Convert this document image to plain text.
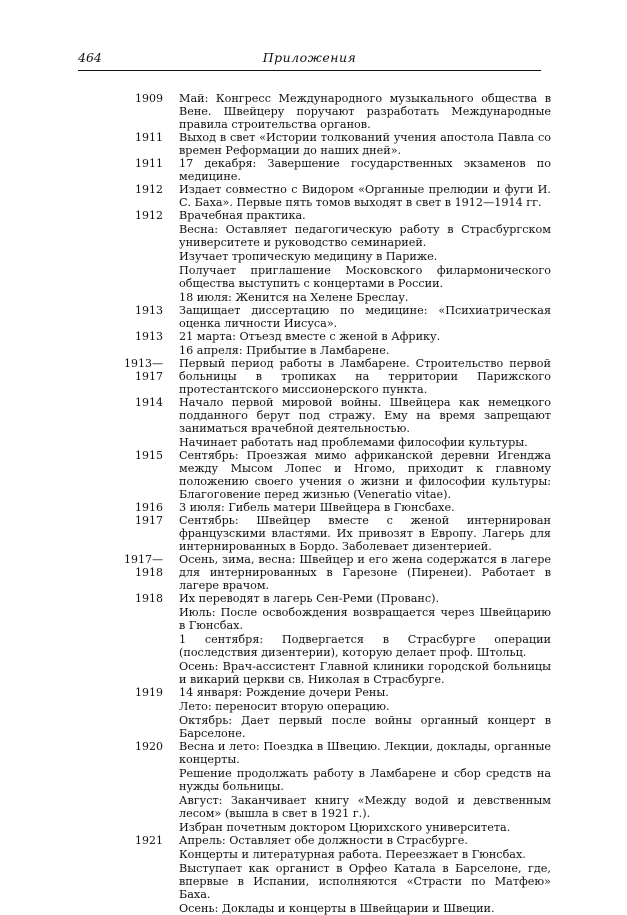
464	Приложения
1909 Май: Конгресс Международного музыкального общества в Вене. Швейцеру поручают разработать Международные правила строительства органов.

1911 Выход в свет «Истории толкований учения апостола Павла со времен Реформации до наших дней».

1911 17 декабря: Завершение государственных экзаменов по медицине.

1912 Издает совместно с Видором «Органные прелюдии и фуги И. С. Баха». Первые пять томов выходят в свет в 1912—1914 гг.

1912 Врачебная практика.

Весна: Оставляет педагогическую работу в Страсбургском университете и руководство семинарией.

Изучает тропическую медицину в Париже.

Получает приглашение Московского филармонического общества выступить с концертами в России.

18 июля: Женится на Хелене Бреслау.

1913 Защищает диссертацию по медицине: «Психиатрическая оценка личности Иисуса».

1913 21 марта: Отъезд вместе с женой в Африку.

16 апреля: Прибытие в Ламбарене.

1913—1917

Первый период работы в Ламбарене. Строительство первой больницы в тропиках на территории Парижского протестантского миссионерского пункта.

1914 Начало первой мировой войны. Швейцера как немецкого подданного берут под стражу. Ему на время запрещают заниматься врачебной деятельностью.

Начинает работать над проблемами философии культуры.

1915 Сентябрь: Проезжая мимо африканской деревни Игенджа между Мысом Лопес и Нгомо, приходит к главному положению своего учения о жизни и философии культуры: Благоговение перед жизнью (Veneratio vitae).

1916 3 июля: Гибель матери Швейцера в Гюнсбахе.

1917 Сентябрь: Швейцер вместе с женой интернирован французскими властями. Их привозят в Европу. Лагерь для интернированных в Бордо. Заболевает дизентерией.

1917—1918

Осень, зима, весна: Швейцер и его жена содержатся в лагере для интернированных в Гарезоне (Пиренеи). Работает в лагере врачом.

1918 Их переводят в лагерь Сен-Реми (Прованс).

Июль: После освобождения возвращается через Швейцарию в Гюнсбах.

1 сентября: Подвергается в Страсбурге операции (последствия дизентерии), которую делает проф. Штольц.

Осень: Врач-ассистент Главной клиники городской больницы и викарий церкви св. Николая в Страсбурге.

1919 14 января: Рождение дочери Рены.

Лето: переносит вторую операцию.

Октябрь: Дает первый после войны органный концерт в Барселоне.

1920 Весна и лето: Поездка в Швецию. Лекции, доклады, органные концерты.

Решение продолжать работу в Ламбарене и сбор средств на нужды больницы.

Август: Заканчивает книгу «Между водой и девственным лесом» (вышла в свет в 1921 г.).

Избран почетным доктором Цюрихского университета.

1921 Апрель: Оставляет обе должности в Страсбурге.

Концерты и литературная работа. Переезжает в Гюнсбах.

Выступает как органист в Орфео Катала в Барселоне, где, впервые в Испании, исполняются «Страсти по Матфею» Баха.

Осень: Доклады и концерты в Швейцарии и Швеции.
